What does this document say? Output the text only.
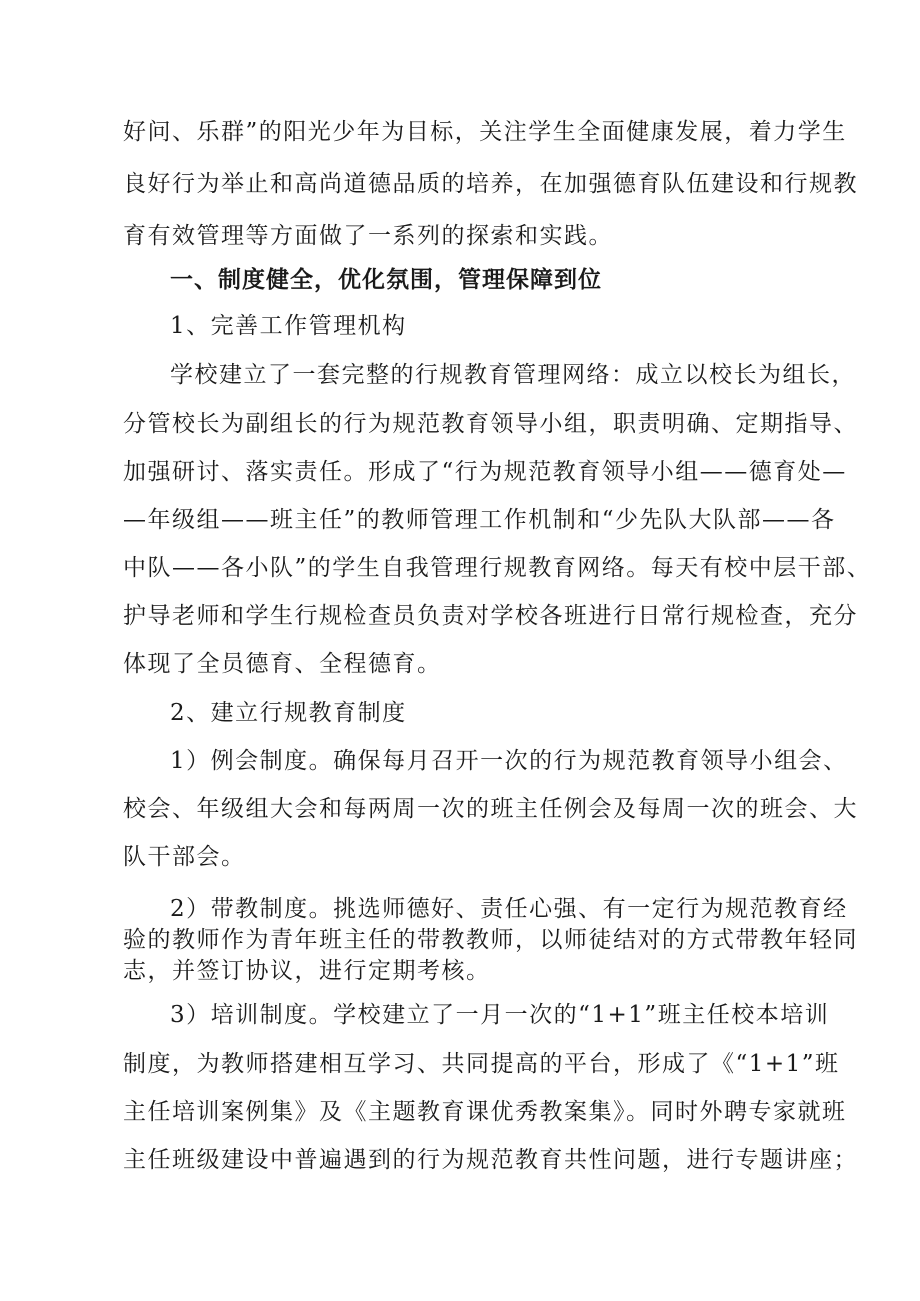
好问、乐群”的阳光少年为目标，关注学生全面健康发展，着力学生
良好行为举止和高尚道德品质的培养，在加强德育队伍建设和行规教
育有效管理等方面做了一系列的探索和实践。
一、制度健全，优化氛围，管理保障到位
1、完善工作管理机构
学校建立了一套完整的行规教育管理网络：成立以校长为组长，
分管校长为副组长的行为规范教育领导小组，职责明确、定期指导、
加强研讨、落实责任。形成了“行为规范教育领导小组——德育处—
—年级组——班主任”的教师管理工作机制和“少先队大队部——各
中队——各小队”的学生自我管理行规教育网络。每天有校中层干部、
护导老师和学生行规检查员负责对学校各班进行日常行规检查，充分
体现了全员德育、全程德育。
2、建立行规教育制度
1）例会制度。确保每月召开一次的行为规范教育领导小组会、
校会、年级组大会和每两周一次的班主任例会及每周一次的班会、大
队干部会。
2）带教制度。挑选师德好、责任心强、有一定行为规范教育经
验的教师作为青年班主任的带教教师，以师徒结对的方式带教年轻同
志，并签订协议，进行定期考核。
3）培训制度。学校建立了一月一次的“1+1”班主任校本培训
制度，为教师搭建相互学习、共同提高的平台，形成了《“1+1”班
主任培训案例集》及《主题教育课优秀教案集》。同时外聘专家就班
主任班级建设中普遍遇到的行为规范教育共性问题，进行专题讲座；
